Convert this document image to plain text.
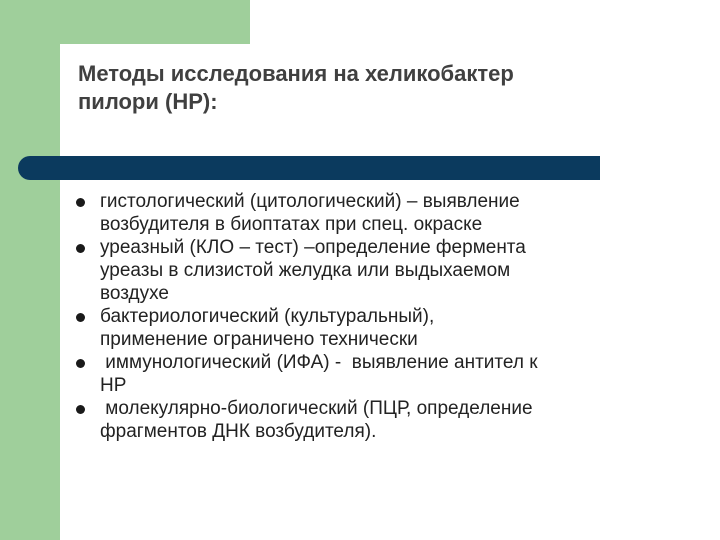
Методы исследования на хеликобактер
пилори (НР):
гистологический (цитологический) – выявление
возбудителя в биоптатах при спец. окраске
уреазный (КЛО – тест) –определение фермента
уреазы в слизистой желудка или выдыхаемом
воздухе
бактериологический (культуральный),
применение ограничено технически
иммунологический (ИФА) -  выявление антител к
НР
молекулярно-биологический (ПЦР, определение
фрагментов ДНК возбудителя).
